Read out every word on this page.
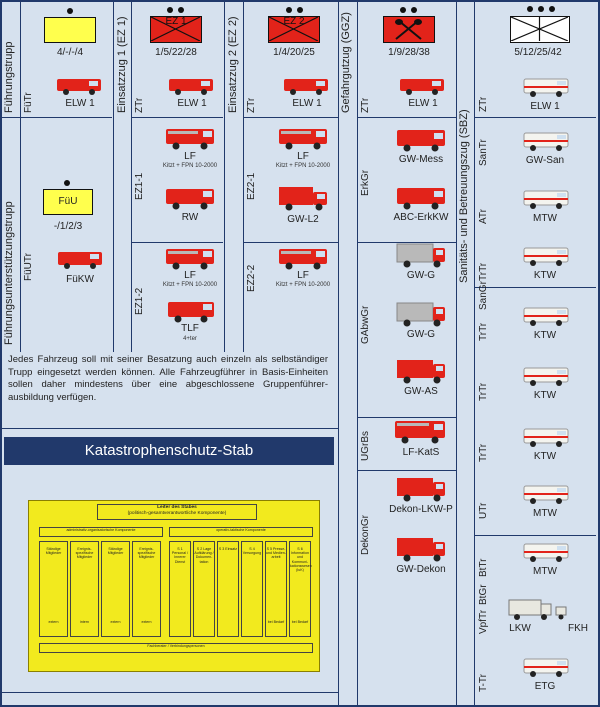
Führungstrupp	4/-/-/4
FüTr	ELW 1
Führungsunterstützungstrupp	FüU
-/1/2/3
FüUTr	FüKW
Einsatzzug 1 (EZ 1)	EZ 1
1/5/22/28
ZTr	ELW 1
EZ1-1
LF
Kitzt + FPN 10-2000
RW
EZ1-2
LF
Kitzt + FPN 10-2000
TLF
4+ter
Einsatzzug 2 (EZ 2)	EZ 2
1/4/20/25
ZTr	ELW 1
EZ2-1
LF
Kitzt + FPN 10-2000
GW-L2
EZ2-2	LF
Kitzt + FPN 10-2000
Gefahrgutzug (GGZ)	1/9/28/38
ZTr	ELW 1
ErkGr
GW-Mess
ABC-ErkKW
GAbwGr
GW-G
GW-G
GW-AS
UGrBs	LF-KatS
DekonGr
Dekon-LKW-P
GW-Dekon
Sanitäts- und Betreuungszug (SBZ)
5/12/25/42
SanGr
BtGr
ZTr	ELW 1
SanTr	GW-San
ATr	MTW
TrTr	KTW
TrTr	KTW
TrTr	KTW
TrTr	KTW
UTr	MTW
BtTr	MTW
VpfTr	LKW	FKH
T-Tr	ETG
Jedes Fahrzeug soll mit seiner Besatzung auch einzeln als selbständiger Trupp eingesetzt werden können. Alle Fahrzeugführer in Basis-Einheiten sollen daher mindestens über eine abgeschlossene Gruppenführer-ausbildung verfügen.
Katastrophenschutz-Stab
Leiter des Stabes
(politisch-gesamtverantwortliche Komponente)
administrativ-organisatorische Komponente	operativ-taktische Komponente
Ständige Mitglieder
extern
Ereignis-spezifische Mitglieder
intern
Ständige Mitglieder
extern
Ereignis-spezifische Mitglieder
extern
S 1 Personal / Innerer Dienst
S 2 Lage Aufklärung / Dokumen-tation
S 3 Einsatz	S 4 Versorgung
S 5 Presse- und Medien-arbeit
bei Bedarf
S 6 Information und Kommuni-kationswesen (IuK)
bei Bedarf
Fachberater / Verbindungspersonen
